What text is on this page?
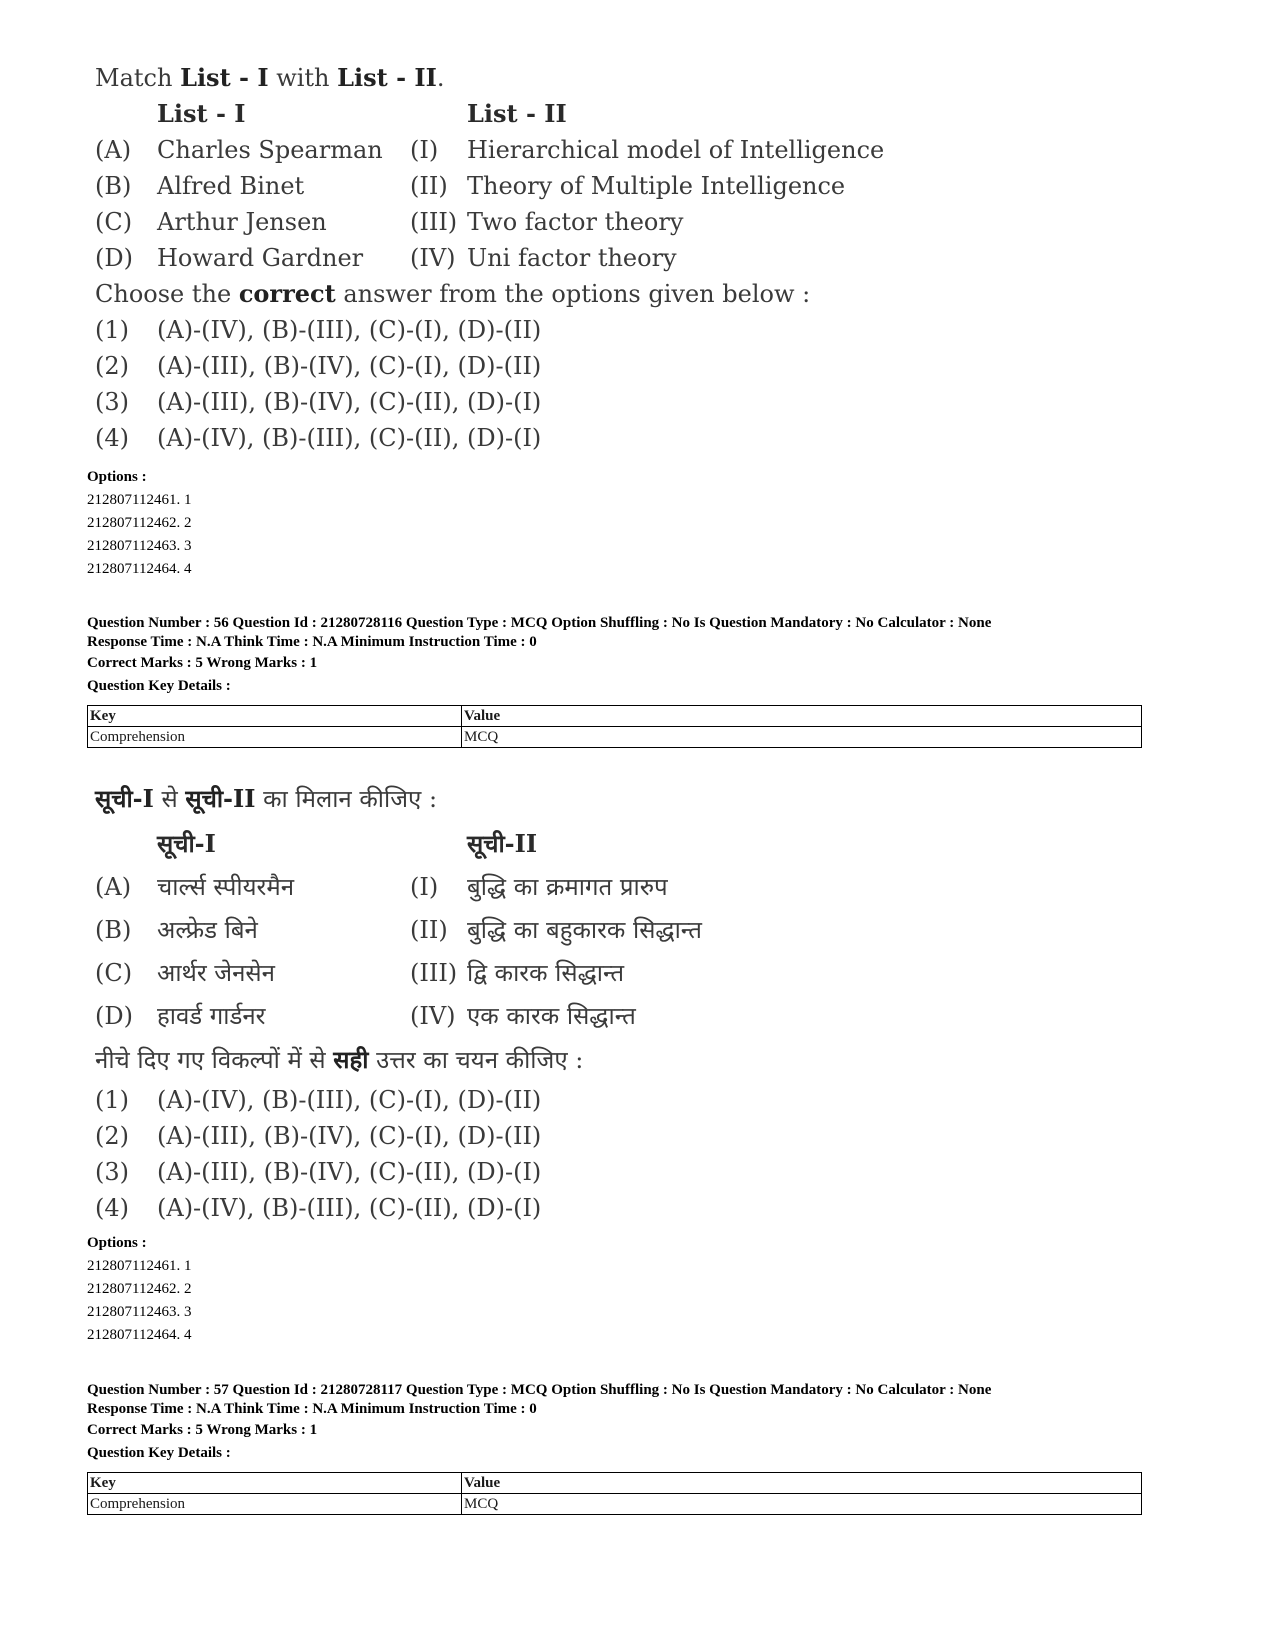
Match List - I with List - II.
List - I	List - II
(A) Charles Spearman (I) Hierarchical model of Intelligence
(B) Alfred Binet	(II) Theory of Multiple Intelligence
(C) Arthur Jensen	(III) Two factor theory
(D) Howard Gardner (IV) Uni factor theory
Choose the correct answer from the options given below :
(1) (A)-(IV), (B)-(III), (C)-(I), (D)-(II)
(2) (A)-(III), (B)-(IV), (C)-(I), (D)-(II)
(3) (A)-(III), (B)-(IV), (C)-(II), (D)-(I)
(4) (A)-(IV), (B)-(III), (C)-(II), (D)-(I)
Options :
212807112461. 1
212807112462. 2
212807112463. 3
212807112464. 4
Question Number : 56 Question Id : 21280728116 Question Type : MCQ Option Shuffling : No Is Question Mandatory : No Calculator : None
Response Time : N.A Think Time : N.A Minimum Instruction Time : 0
Correct Marks : 5 Wrong Marks : 1
Question Key Details :
Key	Value
Comprehension	MCQ
सूची-I से सूची-II का मिलान कीजिए :
सूची-I	सूची-II
(A) चार्ल्स स्पीयरमैन	(I) बुद्धि का क्रमागत प्रारुप
(B) अल्फ्रेड बिने	(II) बुद्धि का बहुकारक सिद्धान्त
(C) आर्थर जेनसेन	(III) द्वि कारक सिद्धान्त
(D) हावर्ड गार्डनर	(IV) एक कारक सिद्धान्त
नीचे दिए गए विकल्पों में से सही उत्तर का चयन कीजिए :
(1) (A)-(IV), (B)-(III), (C)-(I), (D)-(II)
(2) (A)-(III), (B)-(IV), (C)-(I), (D)-(II)
(3) (A)-(III), (B)-(IV), (C)-(II), (D)-(I)
(4) (A)-(IV), (B)-(III), (C)-(II), (D)-(I)
Options :
212807112461. 1
212807112462. 2
212807112463. 3
212807112464. 4
Question Number : 57 Question Id : 21280728117 Question Type : MCQ Option Shuffling : No Is Question Mandatory : No Calculator : None
Response Time : N.A Think Time : N.A Minimum Instruction Time : 0
Correct Marks : 5 Wrong Marks : 1
Question Key Details :
Key	Value
Comprehension	MCQ
